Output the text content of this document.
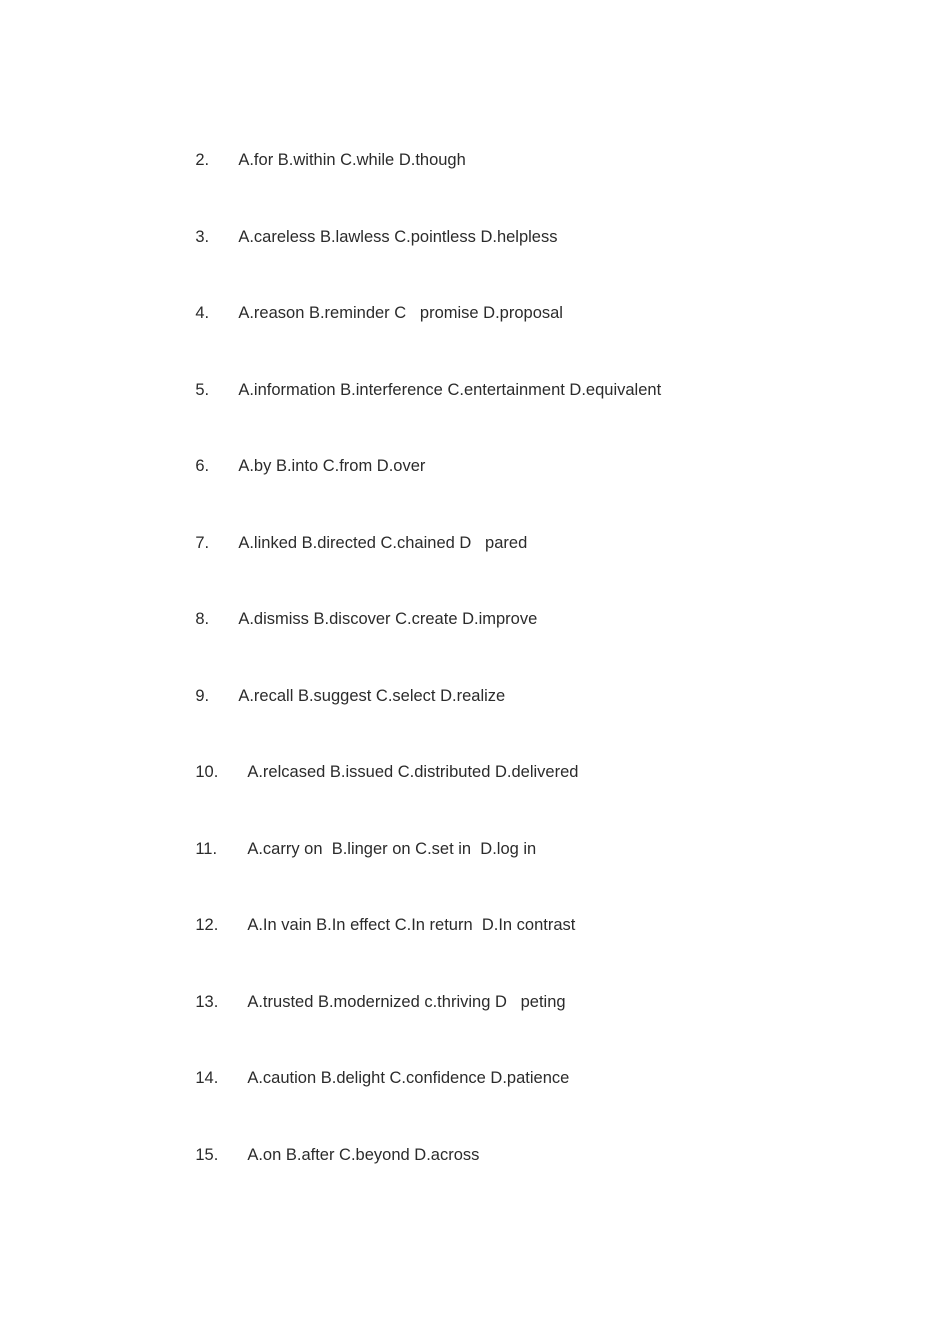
2. A.for B.within C.while D.though

3. A.careless B.lawless C.pointless D.helpless

4. A.reason B.reminder C   promise D.proposal

5. A.information B.interference C.entertainment D.equivalent

6. A.by B.into C.from D.over

7. A.linked B.directed C.chained D   pared

8. A.dismiss B.discover C.create D.improve

9. A.recall B.suggest C.select D.realize

10. A.relcased B.issued C.distributed D.delivered

11. A.carry on  B.linger on C.set in  D.log in

12. A.In vain B.In effect C.In return  D.In contrast

13. A.trusted B.modernized c.thriving D   peting

14. A.caution B.delight C.confidence D.patience

15. A.on B.after C.beyond D.across
